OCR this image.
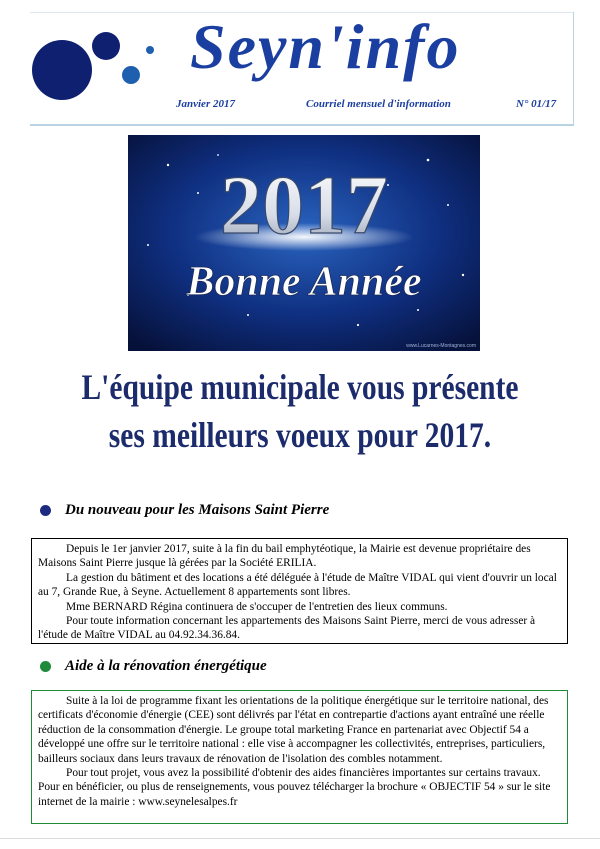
Seyn'info
Janvier 2017	Courriel mensuel d'information	N° 01/17
2017
Bonne Année
www.Lucarnes-Montagnes.com
L'équipe municipale vous présente
ses meilleurs voeux pour 2017.
Du nouveau pour les Maisons Saint Pierre

Depuis le 1er janvier 2017, suite à la fin du bail emphytéotique, la Mairie est devenue propriétaire des Maisons Saint Pierre jusque là gérées par la Société ERILIA.

La gestion du bâtiment et des locations a été déléguée à l'étude de Maître VIDAL qui vient d'ouvrir un local au 7, Grande Rue, à Seyne. Actuellement 8 appartements sont libres.

Mme BERNARD Régina continuera de s'occuper de l'entretien des lieux communs.

Pour toute information concernant les appartements des Maisons Saint Pierre, merci de vous adresser à l'étude de Maître VIDAL au 04.92.34.36.84.

Aide à la rénovation énergétique

Suite à la loi de programme fixant les orientations de la politique énergétique sur le territoire national, des certificats d'économie d'énergie (CEE) sont délivrés par l'état en contrepartie d'actions ayant entraîné une réelle réduction de la consommation d'énergie. Le groupe total marketing France en partenariat avec Objectif 54 a développé une offre sur le territoire national : elle vise à accompagner les collectivités, entreprises, particuliers, bailleurs sociaux dans leurs travaux de rénovation de l'isolation des combles notamment.

Pour tout projet, vous avez la possibilité d'obtenir des aides financières importantes sur certains travaux. Pour en bénéficier, ou plus de renseignements, vous pouvez télécharger la brochure « OBJECTIF 54 » sur le site internet de la mairie : www.seynelesalpes.fr
